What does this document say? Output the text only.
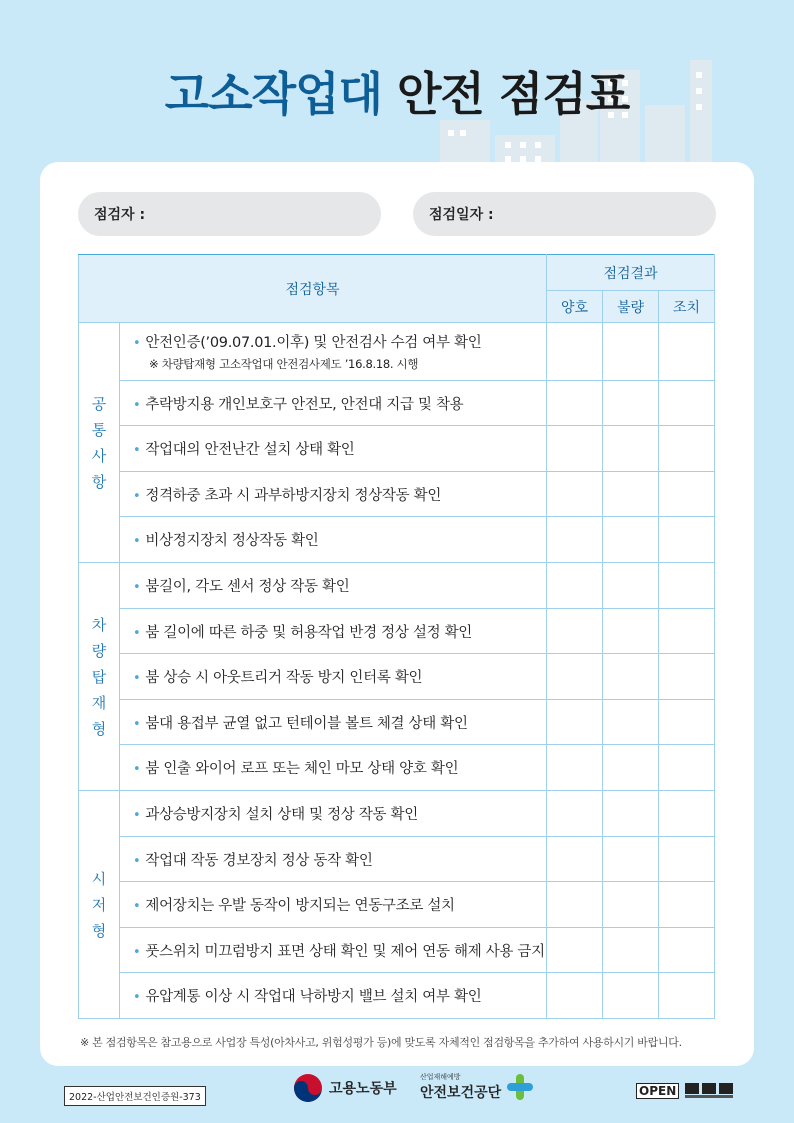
고소작업대 안전 점검표
점검자 :	점검일자 :
점검항목		점검결과		
		양호	불량	조치
공
통
사
항	• 안전인증(’09.07.01.이후) 및 안전검사 수검 여부 확인
※ 차량탑재형 고소작업대 안전검사제도 ’16.8.18. 시행			

	• 추락방지용 개인보호구 안전모, 안전대 지급 및 착용			
	• 작업대의 안전난간 설치 상태 확인			
	• 정격하중 초과 시 과부하방지장치 정상작동 확인			
	• 비상정지장치 정상작동 확인			
차
량
탑
재
형	• 붐길이, 각도 센서 정상 작동 확인			
	• 붐 길이에 따른 하중 및 허용작업 반경 정상 설정 확인			
	• 붐 상승 시 아웃트리거 작동 방지 인터록 확인			
	• 붐대 용접부 균열 없고 턴테이블 볼트 체결 상태 확인			
	• 붐 인출 와이어 로프 또는 체인 마모 상태 양호 확인			
시
저
형	• 과상승방지장치 설치 상태 및 정상 작동 확인			
	• 작업대 작동 경보장치 정상 동작 확인			
	• 제어장치는 우발 동작이 방지되는 연동구조로 설치			
	• 풋스위치 미끄럼방지 표면 상태 확인 및 제어 연동 해제 사용 금지			
	• 유압계통 이상 시 작업대 낙하방지 밸브 설치 여부 확인			
※ 본 점검항목은 참고용으로 사업장 특성(아차사고, 위험성평가 등)에 맞도록 자체적인 점검항목을 추가하여 사용하시기 바랍니다.
2022-산업안전보건인증원-373
고용노동부
산업재해예방
안전보건공단	OPEN
